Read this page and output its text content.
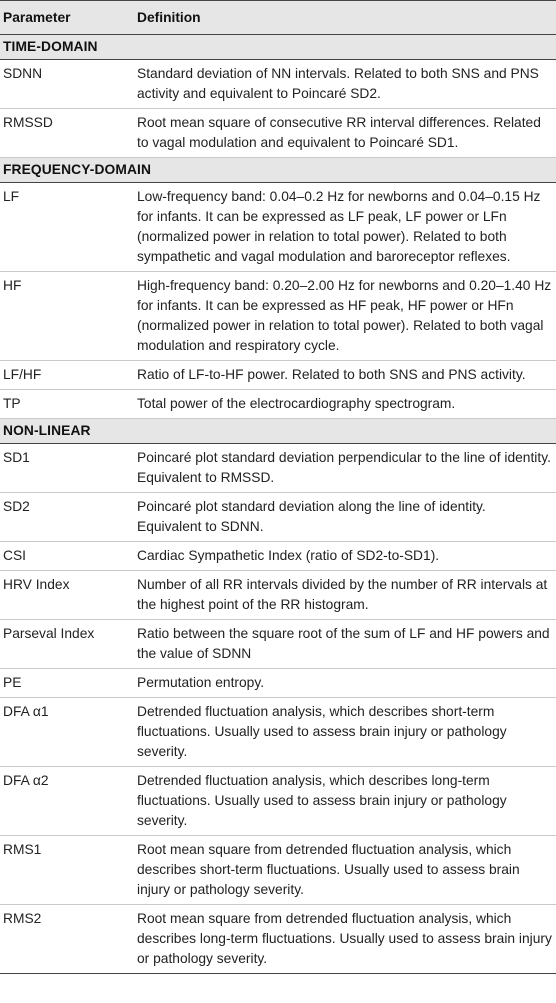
Parameter	Definition
TIME-DOMAIN	
SDNN	Standard deviation of NN intervals. Related to both SNS and PNS activity and equivalent to Poincaré SD2.
RMSSD	Root mean square of consecutive RR interval differences. Related to vagal modulation and equivalent to Poincaré SD1.
FREQUENCY-DOMAIN	
LF	Low-frequency band: 0.04–0.2 Hz for newborns and 0.04–0.15 Hz for infants. It can be expressed as LF peak, LF power or LFn (normalized power in relation to total power). Related to both sympathetic and vagal modulation and baroreceptor reflexes.
HF	High-frequency band: 0.20–2.00 Hz for newborns and 0.20–1.40 Hz for infants. It can be expressed as HF peak, HF power or HFn (normalized power in relation to total power). Related to both vagal modulation and respiratory cycle.
LF/HF	Ratio of LF-to-HF power. Related to both SNS and PNS activity.
TP	Total power of the electrocardiography spectrogram.
NON-LINEAR	
SD1	Poincaré plot standard deviation perpendicular to the line of identity. Equivalent to RMSSD.
SD2	Poincaré plot standard deviation along the line of identity. Equivalent to SDNN.
CSI	Cardiac Sympathetic Index (ratio of SD2-to-SD1).
HRV Index	Number of all RR intervals divided by the number of RR intervals at the highest point of the RR histogram.
Parseval Index	Ratio between the square root of the sum of LF and HF powers and the value of SDNN
PE	Permutation entropy.
DFA α1	Detrended fluctuation analysis, which describes short-term fluctuations. Usually used to assess brain injury or pathology severity.
DFA α2	Detrended fluctuation analysis, which describes long-term fluctuations. Usually used to assess brain injury or pathology severity.
RMS1	Root mean square from detrended fluctuation analysis, which describes short-term fluctuations. Usually used to assess brain injury or pathology severity.
RMS2	Root mean square from detrended fluctuation analysis, which describes long-term fluctuations. Usually used to assess brain injury or pathology severity.
